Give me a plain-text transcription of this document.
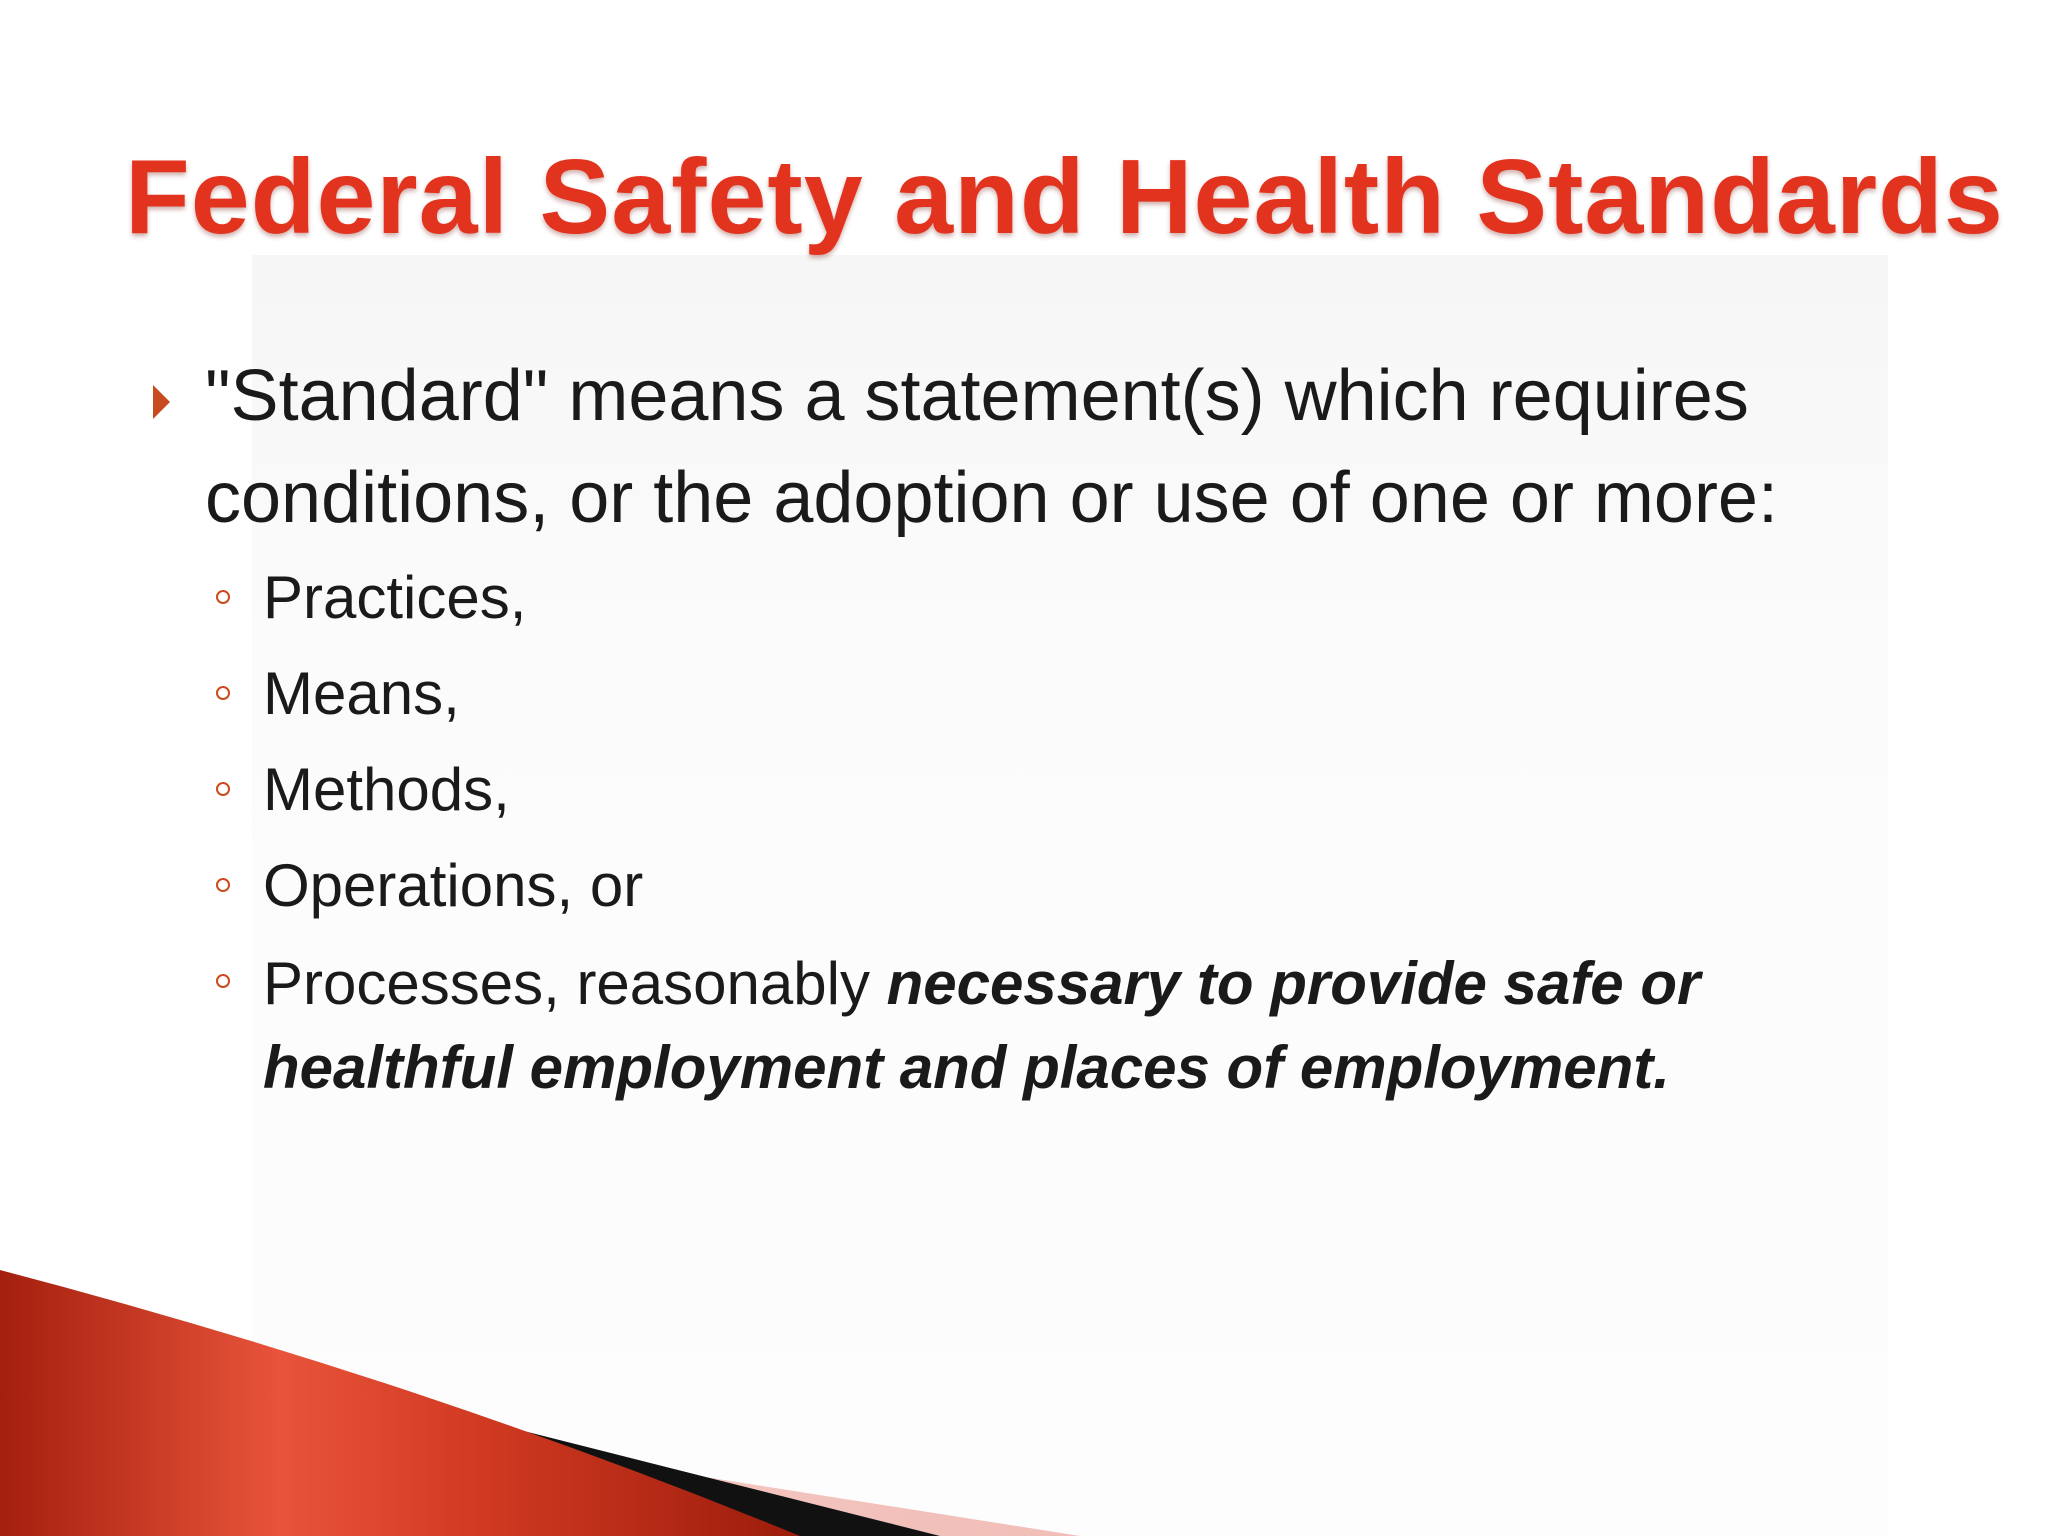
Federal Safety and Health Standards
"Standard" means a statement(s) which requires conditions, or the adoption or use of one or more:
Practices,
Means,
Methods,
Operations, or
Processes, reasonably necessary to provide safe or healthful employment and places of employment.
